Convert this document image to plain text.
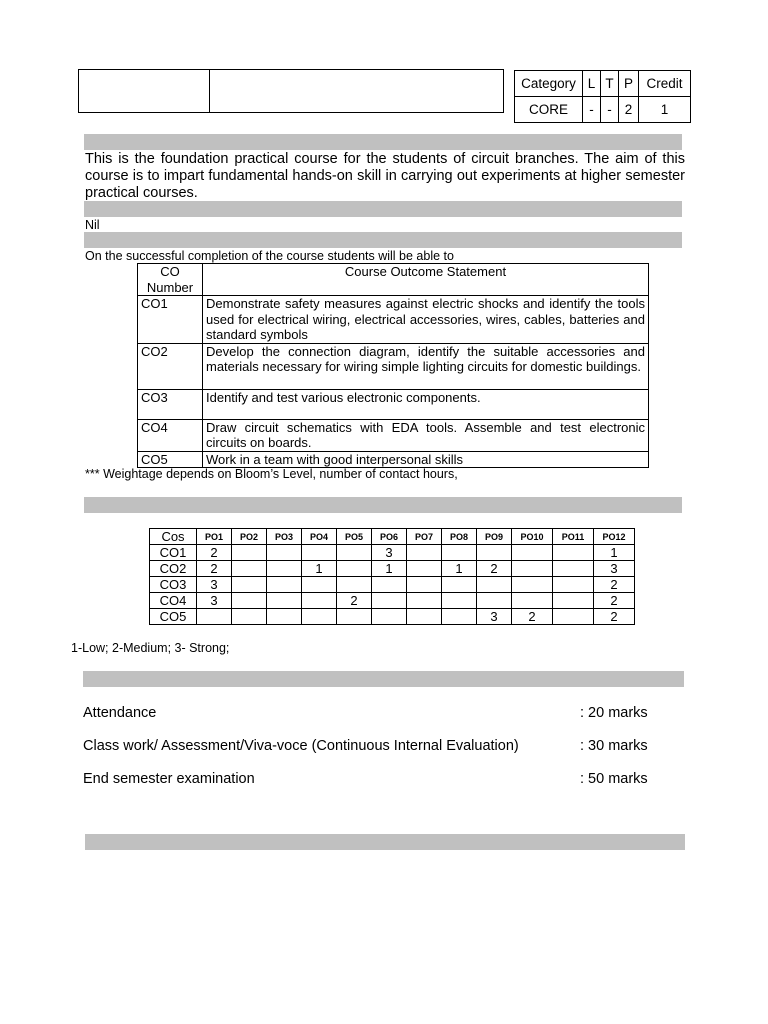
Category	L	T	P	Credit
CORE	-	-	2	1
This is the foundation practical course for the students of circuit branches. The aim of this course is to impart fundamental hands-on skill in carrying out experiments at higher semester practical courses.
Nil
On the successful completion of the course students will be able to
CO Number	Course Outcome Statement
CO1	Demonstrate safety measures against electric shocks and identify the tools used for electrical wiring, electrical accessories, wires, cables, batteries and standard symbols
CO2	Develop the connection diagram, identify the suitable accessories and materials necessary for wiring simple lighting circuits for domestic buildings.
CO3	Identify and test various electronic components.
CO4	Draw circuit schematics with EDA tools. Assemble and test electronic circuits on boards.
CO5	Work in a team with good interpersonal skills
*** Weightage depends on Bloom’s Level, number of contact hours,
Cos	PO1	PO2	PO3	PO4	PO5	PO6	PO7	PO8	PO9	PO10	PO11	PO12
CO1	2					3						1
CO2	2			1		1		1	2			3
CO3	3											2
CO4	3				2							2
CO5									3	2		2
1-Low; 2-Medium; 3- Strong;
Attendance	: 20 marks
Class work/ Assessment/Viva-voce (Continuous Internal Evaluation)	: 30 marks
End semester examination	: 50 marks
